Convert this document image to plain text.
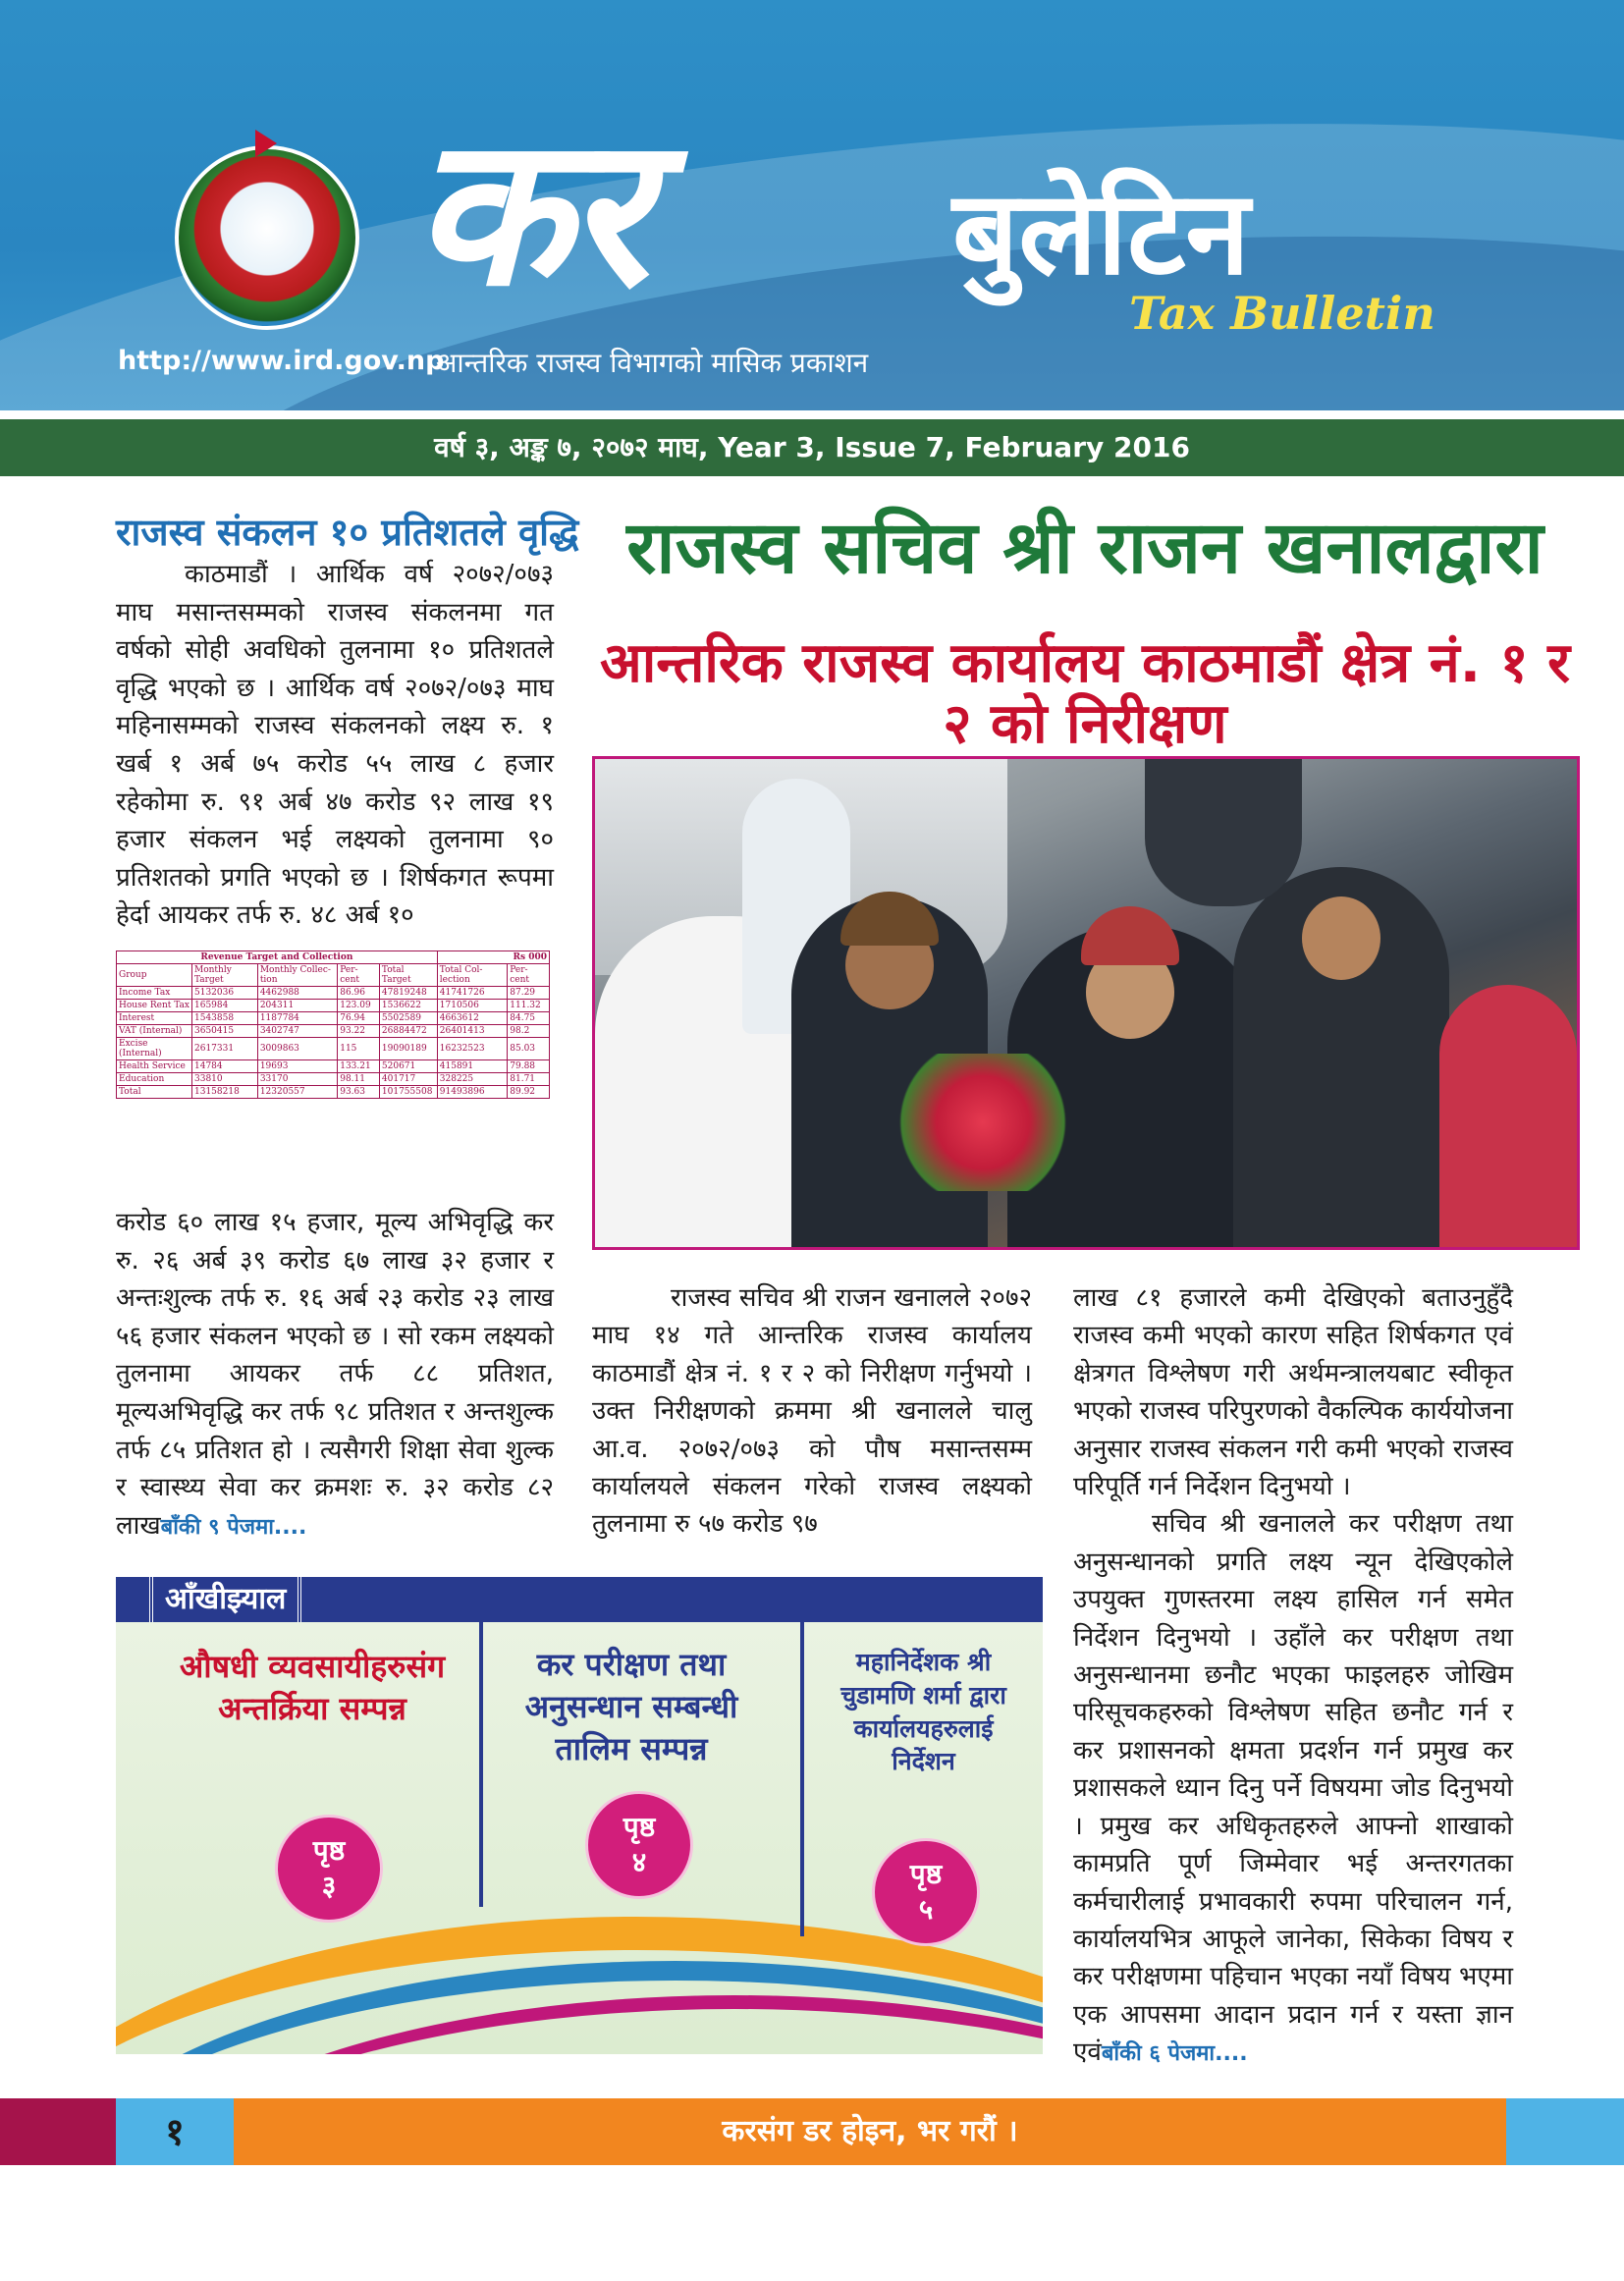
कर	बुलेटिन
Tax Bulletin
http://www.ird.gov.np
आन्तरिक राजस्व विभागको मासिक प्रकाशन
वर्ष ३, अङ्क ७, २०७२ माघ, Year 3, Issue 7, February 2016
राजस्व संकलन १० प्रतिशतले वृद्धि

काठमाडौं । आर्थिक वर्ष २०७२/०७३ माघ मसान्तसम्मको राजस्व संकलनमा गत वर्षको सोही अवधिको तुलनामा १० प्रतिशतले वृद्धि भएको छ । आर्थिक वर्ष २०७२/०७३ माघ महिनासम्मको राजस्व संकलनको लक्ष्य रु. १ खर्ब १ अर्ब ७५ करोड ५५ लाख ८ हजार रहेकोमा रु. ९१ अर्ब ४७ करोड ९२ लाख १९ हजार संकलन भई लक्ष्यको तुलनामा ९० प्रतिशतको प्रगति भएको छ । शिर्षकगत रूपमा हेर्दा आयकर तर्फ रु. ४८ अर्ब १०

Revenue Target and Collection					Rs 000	
Group	Monthly Target	Monthly Collec- tion	Per- cent	Total Target	Total Col- lection	Per- cent
Income Tax	5132036	4462988	86.96	47819248	41741726	87.29
House Rent Tax	165984	204311	123.09	1536622	1710506	111.32
Interest	1543858	1187784	76.94	5502589	4663612	84.75
VAT (Internal)	3650415	3402747	93.22	26884472	26401413	98.2
Excise (Internal)	2617331	3009863	115	19090189	16232523	85.03
Health Service	14784	19693	133.21	520671	415891	79.88
Education	33810	33170	98.11	401717	328225	81.71
Total	13158218	12320557	93.63	101755508	91493896	89.92

करोड ६० लाख १५ हजार, मूल्य अभिवृद्धि कर रु. २६ अर्ब ३९ करोड ६७ लाख ३२ हजार र अन्तःशुल्क तर्फ रु. १६ अर्ब २३ करोड २३ लाख ५६ हजार संकलन भएको छ । सो रकम लक्ष्यको तुलनामा आयकर तर्फ ८८ प्रतिशत, मूल्यअभिवृद्धि कर तर्फ ९८ प्रतिशत र अन्तशुल्क तर्फ ८५ प्रतिशत हो । त्यसैगरी शिक्षा सेवा शुल्क र स्वास्थ्य सेवा कर क्रमशः रु. ३२ करोड ८२ लाखबाँकी ९ पेजमा....

राजस्व सचिव श्री राजन खनालद्वारा
आन्तरिक राजस्व कार्यालय काठमाडौं क्षेत्र नं. १ र २ को निरीक्षण

राजस्व सचिव श्री राजन खनालले २०७२ माघ १४ गते आन्तरिक राजस्व कार्यालय काठमाडौं क्षेत्र नं. १ र २ को निरीक्षण गर्नुभयो । उक्त निरीक्षणको क्रममा श्री खनालले चालु आ.व. २०७२/०७३ को पौष मसान्तसम्म कार्यालयले संकलन गरेको राजस्व लक्ष्यको तुलनामा रु ५७ करोड ९७

लाख ८१ हजारले कमी देखिएको बताउनुहुँदै राजस्व कमी भएको कारण सहित शिर्षकगत एवं क्षेत्रगत विश्लेषण गरी अर्थमन्त्रालयबाट स्वीकृत भएको राजस्व परिपुरणको वैकल्पिक कार्ययोजना अनुसार राजस्व संकलन गरी कमी भएको राजस्व परिपूर्ति गर्न निर्देशन दिनुभयो ।

सचिव श्री खनालले कर परीक्षण तथा अनुसन्धानको प्रगति लक्ष्य न्यून देखिएकोले उपयुक्त गुणस्तरमा लक्ष्य हासिल गर्न समेत निर्देशन दिनुभयो । उहाँले कर परीक्षण तथा अनुसन्धानमा छनौट भएका फाइलहरु जोखिम परिसूचकहरुको विश्लेषण सहित छनौट गर्न र कर प्रशासनको क्षमता प्रदर्शन गर्न प्रमुख कर प्रशासकले ध्यान दिनु पर्ने विषयमा जोड दिनुभयो । प्रमुख कर अधिकृतहरुले आफ्नो शाखाको कामप्रति पूर्ण जिम्मेवार भई अन्तरगतका कर्मचारीलाई प्रभावकारी रुपमा परिचालन गर्न, कार्यालयभित्र आफूले जानेका, सिकेका विषय र कर परीक्षणमा पहिचान भएका नयाँ विषय भएमा एक आपसमा आदान प्रदान गर्न र यस्ता ज्ञान एवंबाँकी ६ पेजमा....

आँखीझ्याल
औषधी व्यवसायीहरुसंग अन्तर्क्रिया सम्पन्न
पृष्ठ
३
कर परीक्षण तथा अनुसन्धान सम्बन्धी तालिम सम्पन्न
पृष्ठ
४
महानिर्देशक श्री चुडामणि शर्मा द्वारा कार्यालयहरुलाई निर्देशन
पृष्ठ
५
१	करसंग डर होइन, भर गरौं ।
